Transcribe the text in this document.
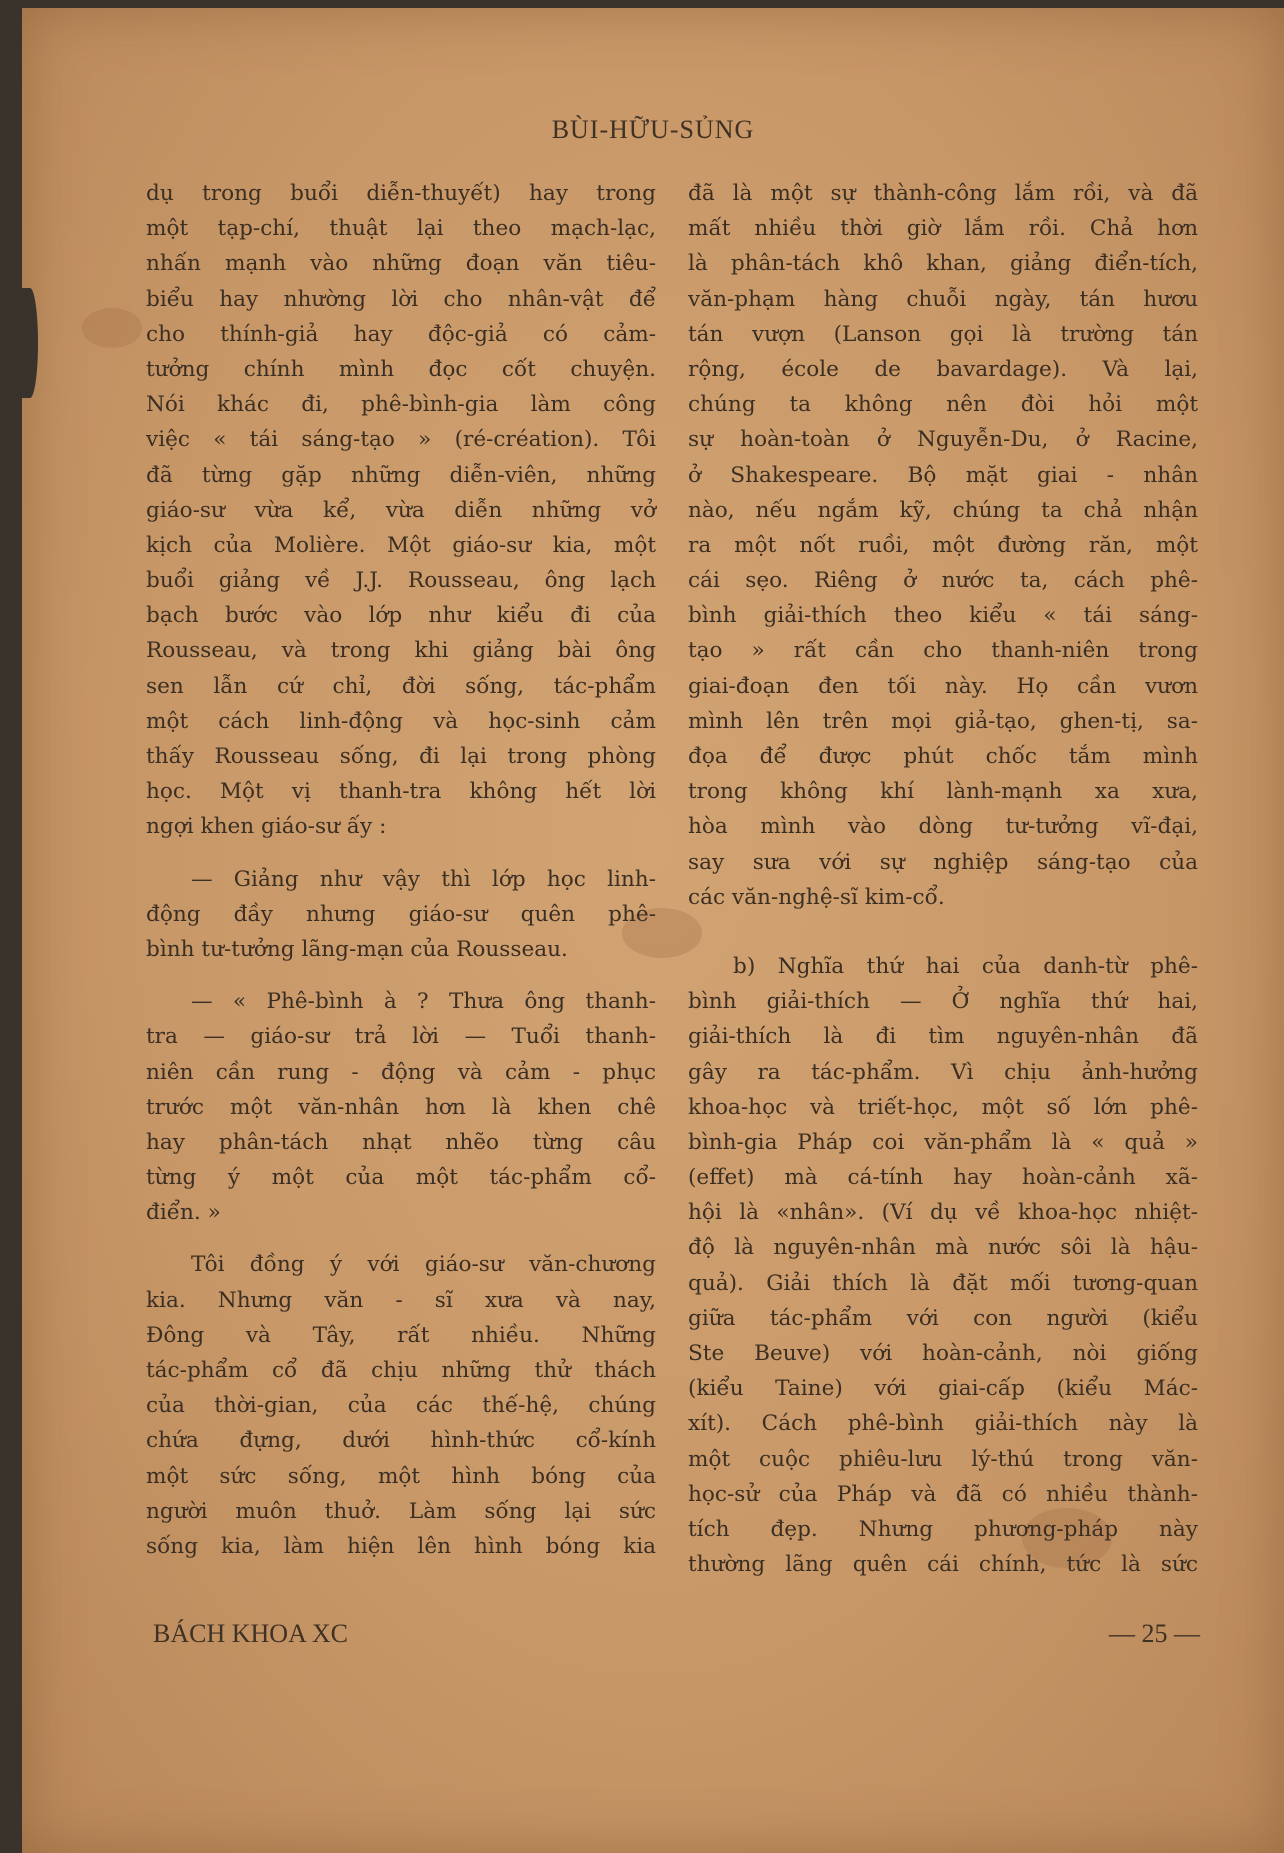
BÙI-HỮU-SỦNG
dụ trong buổi diễn-thuyết) hay trong
một tạp-chí, thuật lại theo mạch-lạc,
nhấn mạnh vào những đoạn văn tiêu-
biểu hay nhường lời cho nhân-vật để
cho thính-giả hay độc-giả có cảm-
tưởng chính mình đọc cốt chuyện.
Nói khác đi, phê-bình-gia làm công
việc « tái sáng-tạo » (ré-création). Tôi
đã từng gặp những diễn-viên, những
giáo-sư vừa kể, vừa diễn những vở
kịch của Molière. Một giáo-sư kia, một
buổi giảng về J.J. Rousseau, ông lạch
bạch bước vào lớp như kiểu đi của
Rousseau, và trong khi giảng bài ông
sen lẫn cứ chỉ, đời sống, tác-phẩm
một cách linh-động và học-sinh cảm
thấy Rousseau sống, đi lại trong phòng
học. Một vị thanh-tra không hết lời
ngợi khen giáo-sư ấy :
— Giảng như vậy thì lớp học linh-
động đầy nhưng giáo-sư quên phê-
bình tư-tưởng lãng-mạn của Rousseau.
— « Phê-bình à ? Thưa ông thanh-
tra — giáo-sư trả lời — Tuổi thanh-
niên cần rung - động và cảm - phục
trước một văn-nhân hơn là khen chê
hay phân-tách nhạt nhẽo từng câu
từng ý một của một tác-phẩm cổ-
điển. »
Tôi đồng ý với giáo-sư văn-chương
kia. Nhưng văn - sĩ xưa và nay,
Đông và Tây, rất nhiều. Những
tác-phẩm cổ đã chịu những thử thách
của thời-gian, của các thế-hệ, chúng
chứa đựng, dưới hình-thức cổ-kính
một sức sống, một hình bóng của
người muôn thuở. Làm sống lại sức
sống kia, làm hiện lên hình bóng kia
đã là một sự thành-công lắm rồi, và đã
mất nhiều thời giờ lắm rồi. Chả hơn
là phân-tách khô khan, giảng điển-tích,
văn-phạm hàng chuỗi ngày, tán hươu
tán vượn (Lanson gọi là trường tán
rộng, école de bavardage). Và lại,
chúng ta không nên đòi hỏi một
sự hoàn-toàn ở Nguyễn-Du, ở Racine,
ở Shakespeare. Bộ mặt giai - nhân
nào, nếu ngắm kỹ, chúng ta chả nhận
ra một nốt ruồi, một đường răn, một
cái sẹo. Riêng ở nước ta, cách phê-
bình giải-thích theo kiểu « tái sáng-
tạo » rất cần cho thanh-niên trong
giai-đoạn đen tối này. Họ cần vươn
mình lên trên mọi giả-tạo, ghen-tị, sa-
đọa để được phút chốc tắm mình
trong không khí lành-mạnh xa xưa,
hòa mình vào dòng tư-tưởng vĩ-đại,
say sưa với sự nghiệp sáng-tạo của
các văn-nghệ-sĩ kim-cổ.
b) Nghĩa thứ hai của danh-từ phê-
bình giải-thích — Ở nghĩa thứ hai,
giải-thích là đi tìm nguyên-nhân đã
gây ra tác-phẩm. Vì chịu ảnh-hưởng
khoa-học và triết-học, một số lớn phê-
bình-gia Pháp coi văn-phẩm là « quả »
(effet) mà cá-tính hay hoàn-cảnh xã-
hội là «nhân». (Ví dụ về khoa-học nhiệt-
độ là nguyên-nhân mà nước sôi là hậu-
quả). Giải thích là đặt mối tương-quan
giữa tác-phẩm với con người (kiểu
Ste Beuve) với hoàn-cảnh, nòi giống
(kiểu Taine) với giai-cấp (kiểu Mác-
xít). Cách phê-bình giải-thích này là
một cuộc phiêu-lưu lý-thú trong văn-
học-sử của Pháp và đã có nhiều thành-
tích đẹp. Nhưng phương-pháp này
thường lãng quên cái chính, tức là sức
BÁCH KHOA XC	— 25 —
